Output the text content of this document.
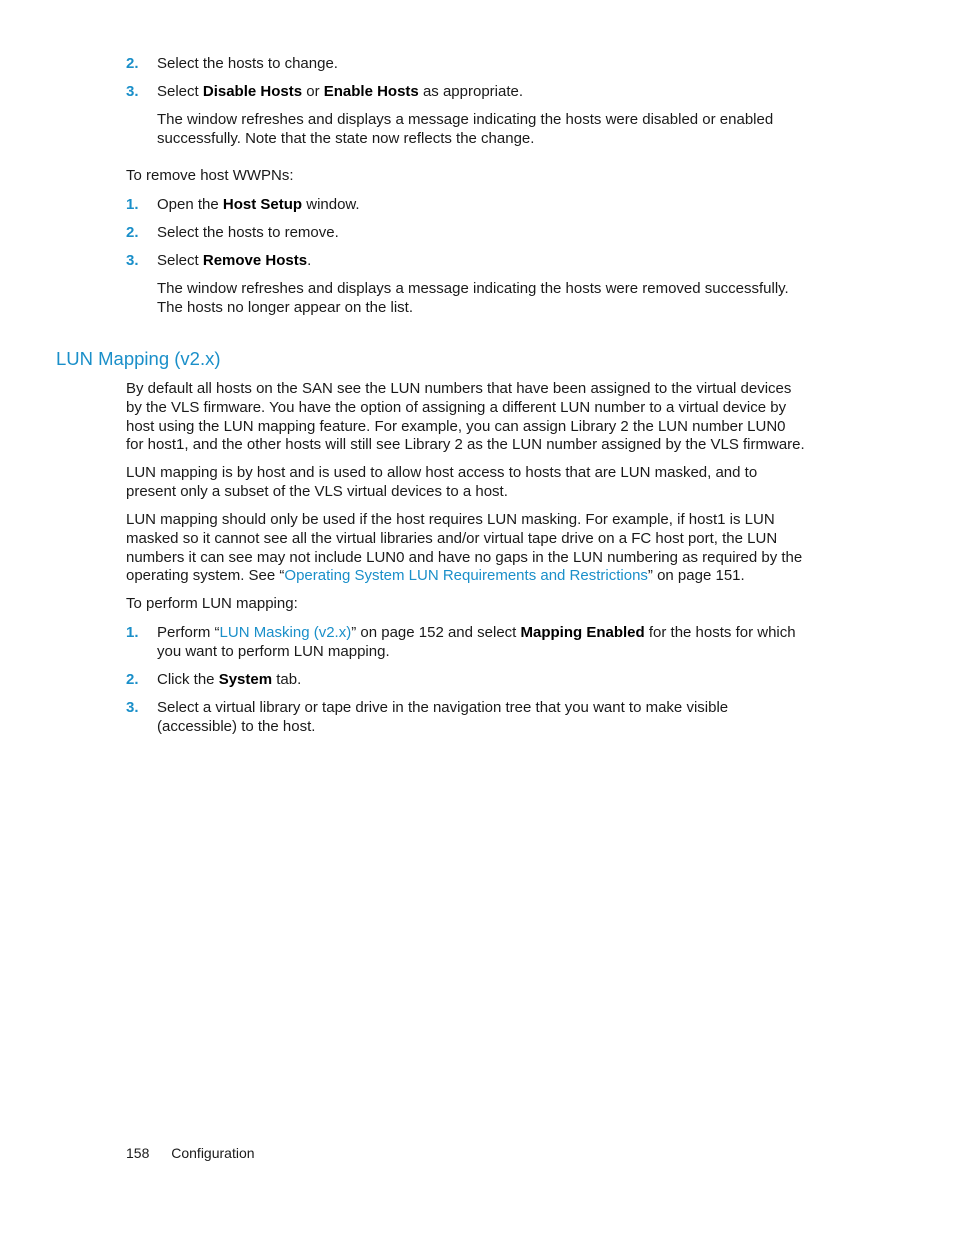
2. Select the hosts to change.
3. Select Disable Hosts or Enable Hosts as appropriate.

The window refreshes and displays a message indicating the hosts were disabled or enabled successfully. Note that the state now reflects the change.

To remove host WWPNs:

1. Open the Host Setup window.
2. Select the hosts to remove.
3. Select Remove Hosts.

The window refreshes and displays a message indicating the hosts were removed successfully. The hosts no longer appear on the list.

LUN Mapping (v2.x)

By default all hosts on the SAN see the LUN numbers that have been assigned to the virtual devices by the VLS firmware. You have the option of assigning a different LUN number to a virtual device by host using the LUN mapping feature. For example, you can assign Library 2 the LUN number LUN0 for host1, and the other hosts will still see Library 2 as the LUN number assigned by the VLS firmware.

LUN mapping is by host and is used to allow host access to hosts that are LUN masked, and to present only a subset of the VLS virtual devices to a host.

LUN mapping should only be used if the host requires LUN masking. For example, if host1 is LUN masked so it cannot see all the virtual libraries and/or virtual tape drive on a FC host port, the LUN numbers it can see may not include LUN0 and have no gaps in the LUN numbering as required by the operating system. See “Operating System LUN Requirements and Restrictions” on page 151.

To perform LUN mapping:

1. Perform “LUN Masking (v2.x)” on page 152 and select Mapping Enabled for the hosts for which you want to perform LUN mapping.
2. Click the System tab.
3. Select a virtual library or tape drive in the navigation tree that you want to make visible (accessible) to the host.
158 Configuration
